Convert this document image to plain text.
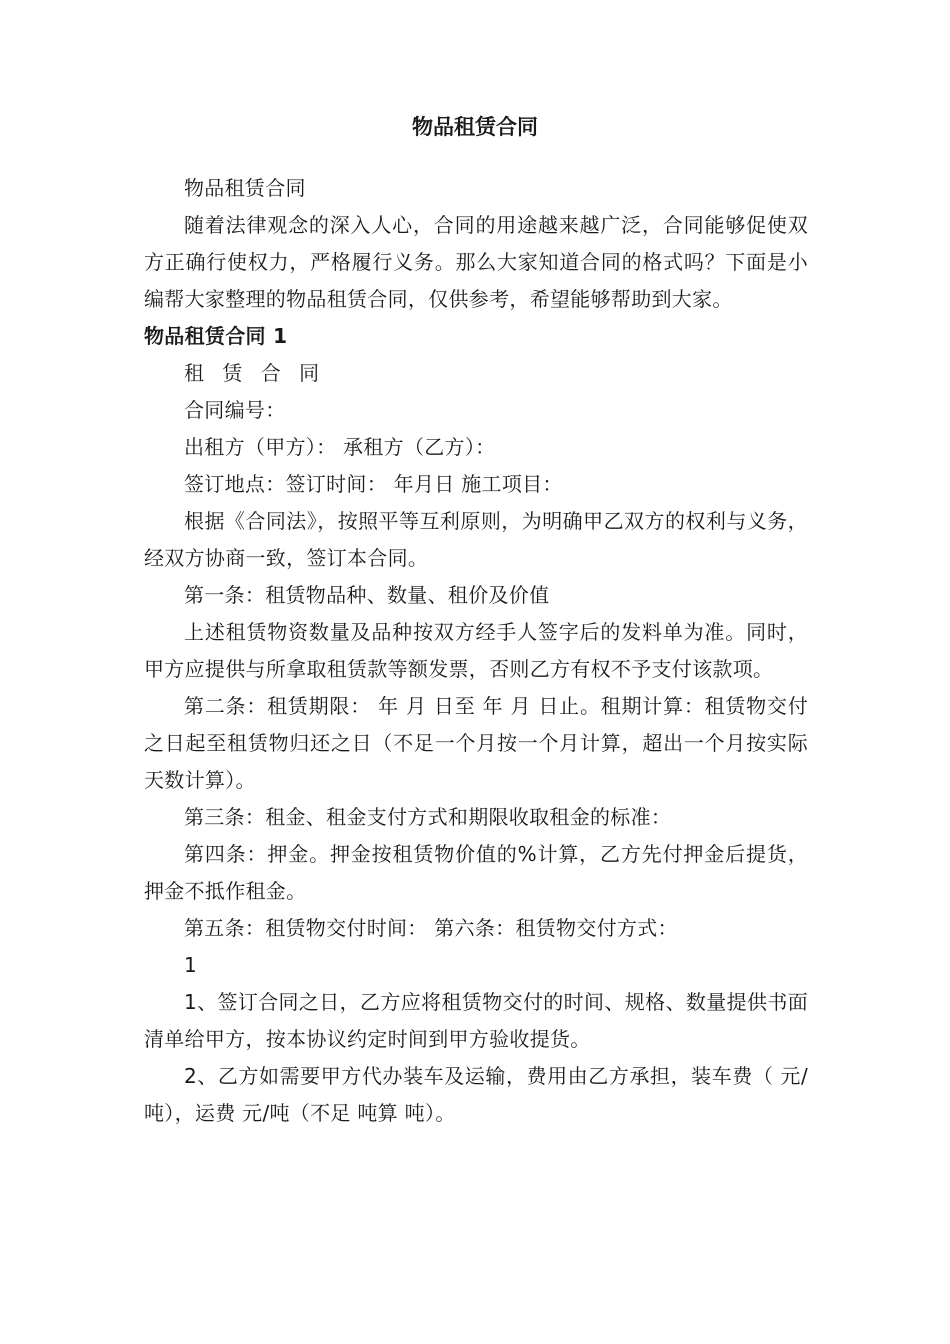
物品租赁合同

物品租赁合同

随着法律观念的深入人心，合同的用途越来越广泛，合同能够促使双方正确行使权力，严格履行义务。那么大家知道合同的格式吗？下面是小编帮大家整理的物品租赁合同，仅供参考，希望能够帮助到大家。

物品租赁合同 1

租 赁 合 同

合同编号：

出租方（甲方）： 承租方（乙方）：

签订地点：签订时间： 年月日 施工项目：

根据《合同法》，按照平等互利原则，为明确甲乙双方的权利与义务，经双方协商一致，签订本合同。

第一条：租赁物品种、数量、租价及价值

上述租赁物资数量及品种按双方经手人签字后的发料单为准。同时，甲方应提供与所拿取租赁款等额发票，否则乙方有权不予支付该款项。

第二条：租赁期限： 年 月 日至 年 月 日止。租期计算：租赁物交付之日起至租赁物归还之日（不足一个月按一个月计算，超出一个月按实际天数计算）。

第三条：租金、租金支付方式和期限收取租金的标准：

第四条：押金。押金按租赁物价值的%计算，乙方先付押金后提货，押金不抵作租金。

第五条：租赁物交付时间： 第六条：租赁物交付方式：

1

1、签订合同之日，乙方应将租赁物交付的时间、规格、数量提供书面清单给甲方，按本协议约定时间到甲方验收提货。

2、乙方如需要甲方代办装车及运输，费用由乙方承担，装车费（ 元/吨），运费 元/吨（不足 吨算 吨）。
